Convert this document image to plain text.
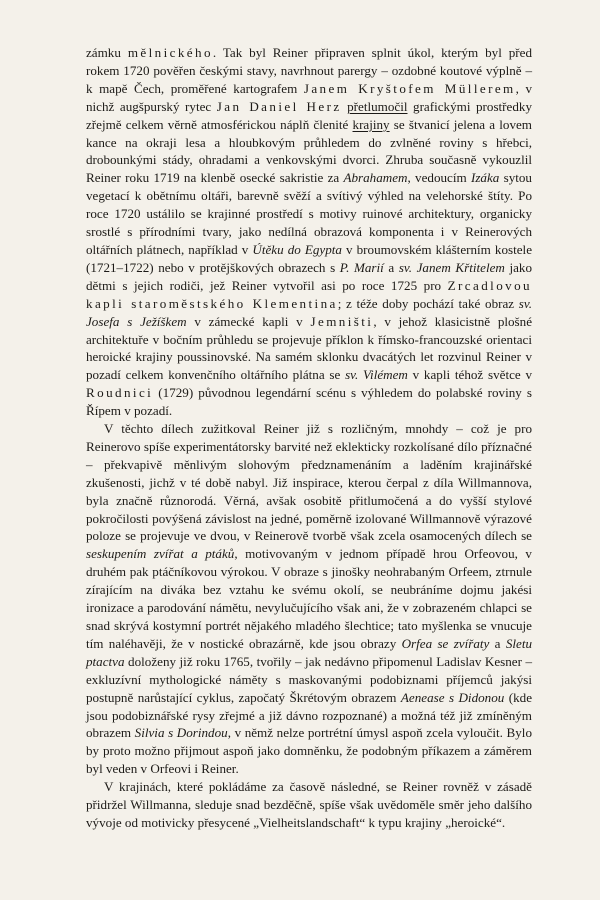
zámku mělnického. Tak byl Reiner připraven splnit úkol, kterým byl před rokem 1720 pověřen českými stavy, navrhnout parergy – ozdobné koutové výplně – k mapě Čech, proměřené kartografem Janem Kryštofem Müllerem, v nichž augšpurský rytec Jan Daniel Herz přetlumočil grafickými prostředky zřejmě celkem věrně atmosférickou náplň členité krajiny se štvanicí jelena a lovem kance na okraji lesa a hloubkovým průhledem do zvlněné roviny s hřebci, drobounkými stády, ohradami a venkovskými dvorci. Zhruba současně vykouzlil Reiner roku 1719 na klenbě osecké sakristie za Abrahamem, vedoucím Izáka sytou vegetací k obětnímu oltáři, barevně svěží a svítivý výhled na velehorské štíty. Po roce 1720 ustálilo se krajinné prostředí s motivy ruinové architektury, organicky srostlé s přírodními tvary, jako nedílná obrazová komponenta i v Reinerových oltářních plátnech, například v Útěku do Egypta v broumovském klášterním kostele (1721–1722) nebo v protějškových obrazech s P. Marií a sv. Janem Křtitelem jako dětmi s jejich rodiči, jež Reiner vytvořil asi po roce 1725 pro Zrcadlovou kapli staroměstského Klementina; z téže doby pochází také obraz sv. Josefa s Ježíškem v zámecké kapli v Jemništi, v jehož klasicistně plošné architektuře v bočním průhledu se projevuje příklon k římsko-francouzské orientaci heroické krajiny poussinovské. Na samém sklonku dvacátých let rozvinul Reiner v pozadí celkem konvenčního oltářního plátna se sv. Vilémem v kapli téhož světce v Roudnici (1729) původnou legendární scénu s výhledem do polabské roviny s Řípem v pozadí.

V těchto dílech zužitkoval Reiner již s rozličným, mnohdy – což je pro Reinerovo spíše experimentátorsky barvité než eklekticky rozkolísané dílo příznačné – překvapivě měnlivým slohovým předznamenáním a laděním krajinářské zkušenosti, jichž v té době nabyl. Již inspirace, kterou čerpal z díla Willmannova, byla značně různorodá. Věrná, avšak osobitě přitlumočená a do vyšší stylové pokročilosti povýšená závislost na jedné, poměrně izolované Willmannově výrazové poloze se projevuje ve dvou, v Reinerově tvorbě však zcela osamocených dílech se seskupením zvířat a ptáků, motivovaným v jednom případě hrou Orfeovou, v druhém pak ptáčníkovou výrokou. V obraze s jinošky neohrabaným Orfeem, ztrnule zírajícím na diváka bez vztahu ke svému okolí, se neubráníme dojmu jakési ironizace a parodování námětu, nevylučujícího však ani, že v zobrazeném chlapci se snad skrývá kostymní portrét nějakého mladého šlechtice; tato myšlenka se vnucuje tím naléhavěji, že v nostické obrazárně, kde jsou obrazy Orfea se zvířaty a Sletu ptactva doloženy již roku 1765, tvořily – jak nedávno připomenul Ladislav Kesner – exkluzívní mythologické náměty s maskovanými podobiznami příjemců jakýsi postupně narůstající cyklus, započatý Škrétovým obrazem Aenease s Didonou (kde jsou podobiznářské rysy zřejmé a již dávno rozpoznané) a možná též již zmíněným obrazem Silvia s Dorindou, v němž nelze portrétní úmysl aspoň zcela vyloučit. Bylo by proto možno přijmout aspoň jako domněnku, že podobným příkazem a záměrem byl veden v Orfeovi i Reiner.

V krajinách, které pokládáme za časově následné, se Reiner rovněž v zásadě přidržel Willmanna, sleduje snad bezděčně, spíše však uvědoměle směr jeho dalšího vývoje od motivicky přesycené „Vielheitslandschaft“ k typu krajiny „heroické“.
